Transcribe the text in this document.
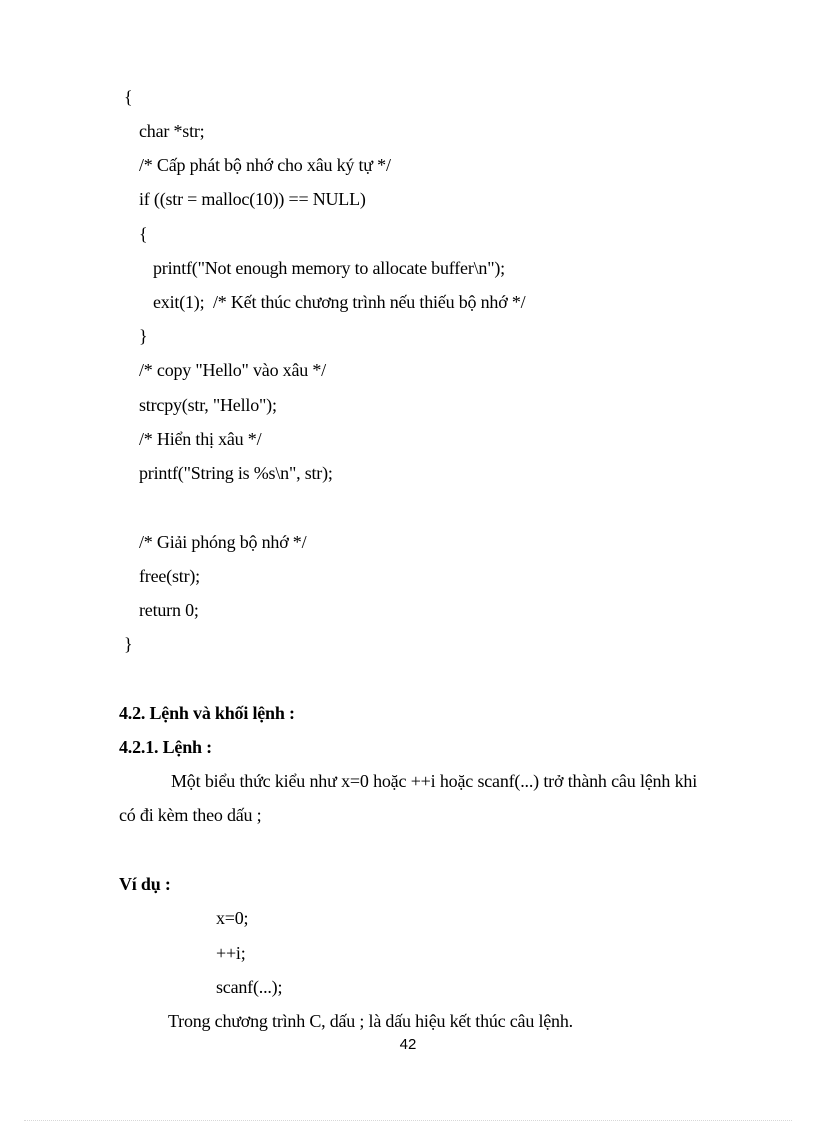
{
char *str;
/* Cấp phát bộ nhớ cho xâu ký tự */
if ((str = malloc(10)) == NULL)
{
printf("Not enough memory to allocate buffer\n");
exit(1);  /* Kết thúc chương trình nếu thiếu bộ nhớ */
}
/* copy "Hello" vào xâu */
strcpy(str, "Hello");
/* Hiển thị xâu */
printf("String is %s\n", str);
/* Giải phóng bộ nhớ */
free(str);
return 0;
}
4.2. Lệnh và khối lệnh :
4.2.1. Lệnh :
Một biểu thức kiểu như x=0 hoặc ++i hoặc scanf(...) trở thành câu lệnh khi có đi kèm theo dấu ;
Ví dụ :
x=0;
++i;
scanf(...);
Trong chương trình C, dấu ; là dấu hiệu kết thúc câu lệnh.
42
